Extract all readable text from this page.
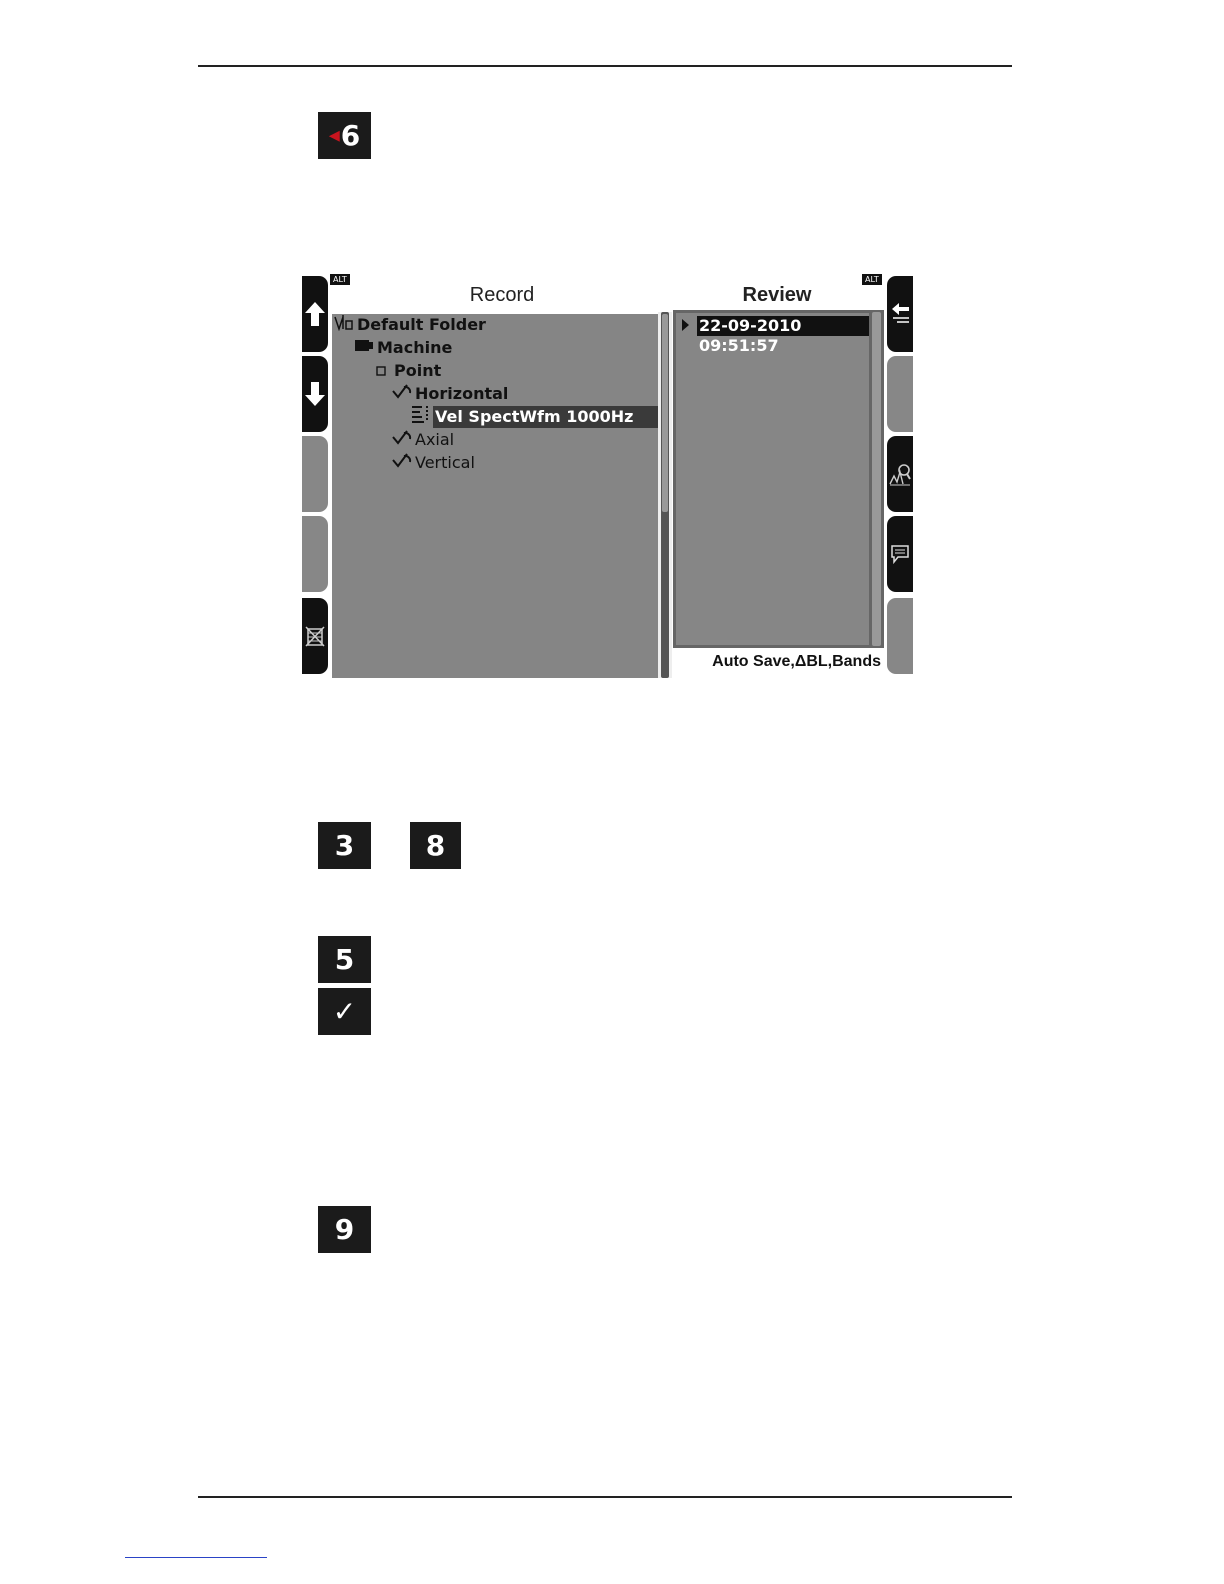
◂ 6
ALT	ALT
Record	Review
Default Folder
Machine
Point
Horizontal
Vel SpectWfm 1000Hz
Axial
Vertical
22-09-2010 09:51:57
Auto Save,ΔBL,Bands
3	8
5
✓
9
